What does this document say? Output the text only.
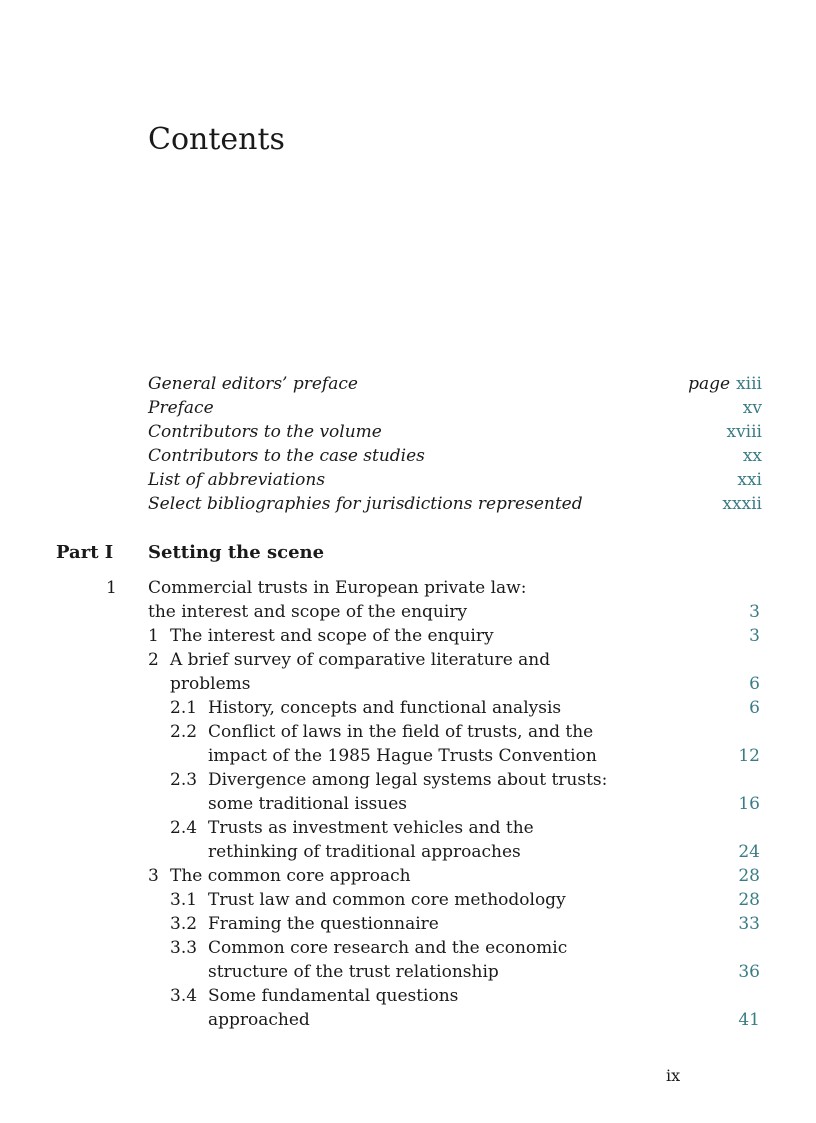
Contents
General editors’ preface	page xiii
Preface	xv
Contributors to the volume	xviii
Contributors to the case studies	xx
List of abbreviations	xxi
Select bibliographies for jurisdictions represented	xxxii
Part I Setting the scene
1 Commercial trusts in European private law:
the interest and scope of the enquiry	3
1 The interest and scope of the enquiry	3
2 A brief survey of comparative literature and
problems	6
2.1 History, concepts and functional analysis	6
2.2 Conflict of laws in the field of trusts, and the
impact of the 1985 Hague Trusts Convention	12
2.3 Divergence among legal systems about trusts:
some traditional issues	16
2.4 Trusts as investment vehicles and the
rethinking of traditional approaches	24
3 The common core approach	28
3.1 Trust law and common core methodology	28
3.2 Framing the questionnaire	33
3.3 Common core research and the economic
structure of the trust relationship	36
3.4 Some fundamental questions
approached	41
ix
